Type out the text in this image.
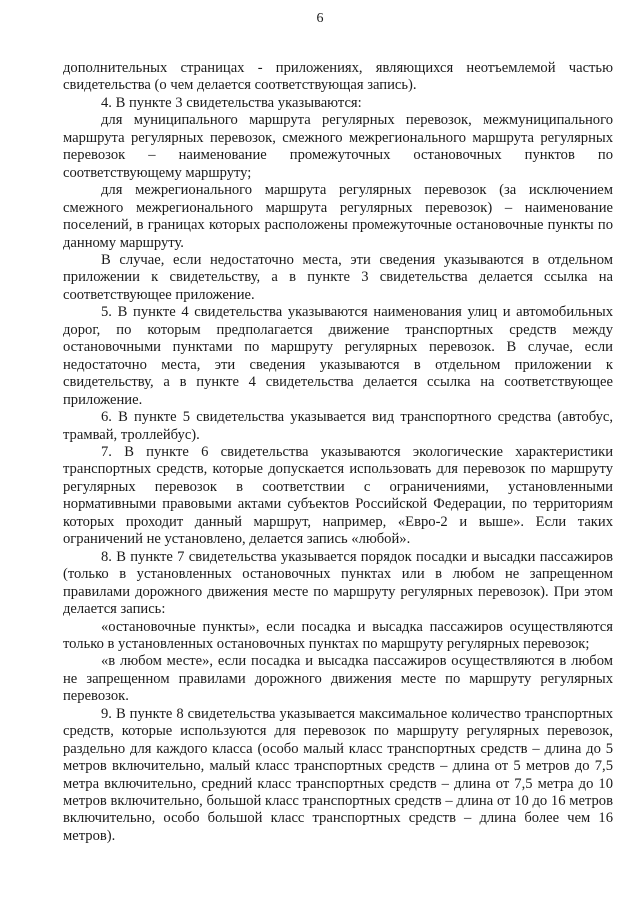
6

дополнительных страницах - приложениях, являющихся неотъемлемой частью свидетельства (о чем делается соответствующая запись).

4. В пункте 3 свидетельства указываются:

для муниципального маршрута регулярных перевозок, межмуниципального маршрута регулярных перевозок, смежного межрегионального маршрута регулярных перевозок – наименование промежуточных остановочных пунктов по соответствующему маршруту;

для межрегионального маршрута регулярных перевозок (за исключением смежного межрегионального маршрута регулярных перевозок) – наименование поселений, в границах которых расположены промежуточные остановочные пункты по данному маршруту.

В случае, если недостаточно места, эти сведения указываются в отдельном приложении к свидетельству, а в пункте 3 свидетельства делается ссылка на соответствующее приложение.

5. В пункте 4 свидетельства указываются наименования улиц и автомобильных дорог, по которым предполагается движение транспортных средств между остановочными пунктами по маршруту регулярных перевозок. В случае, если недостаточно места, эти сведения указываются в отдельном приложении к свидетельству, а в пункте 4 свидетельства делается ссылка на соответствующее приложение.

6. В пункте 5 свидетельства указывается вид транспортного средства (автобус, трамвай, троллейбус).

7. В пункте 6 свидетельства указываются экологические характеристики транспортных средств, которые допускается использовать для перевозок по маршруту регулярных перевозок в соответствии с ограничениями, установленными нормативными правовыми актами субъектов Российской Федерации, по территориям которых проходит данный маршрут, например, «Евро-2 и выше». Если таких ограничений не установлено, делается запись «любой».

8. В пункте 7 свидетельства указывается порядок посадки и высадки пассажиров (только в установленных остановочных пунктах или в любом не запрещенном правилами дорожного движения месте по маршруту регулярных перевозок). При этом делается запись:

«остановочные пункты», если посадка и высадка пассажиров осуществляются только в установленных остановочных пунктах по маршруту регулярных перевозок;

«в любом месте», если посадка и высадка пассажиров осуществляются в любом не запрещенном правилами дорожного движения месте по маршруту регулярных перевозок.

9. В пункте 8 свидетельства указывается максимальное количество транспортных средств, которые используются для перевозок по маршруту регулярных перевозок, раздельно для каждого класса (особо малый класс транспортных средств – длина до 5 метров включительно, малый класс транспортных средств – длина от 5 метров до 7,5 метра включительно, средний класс транспортных средств – длина от 7,5 метра до 10 метров включительно, большой класс транспортных средств – длина от 10 до 16 метров включительно, особо большой класс транспортных средств – длина более чем 16 метров).
